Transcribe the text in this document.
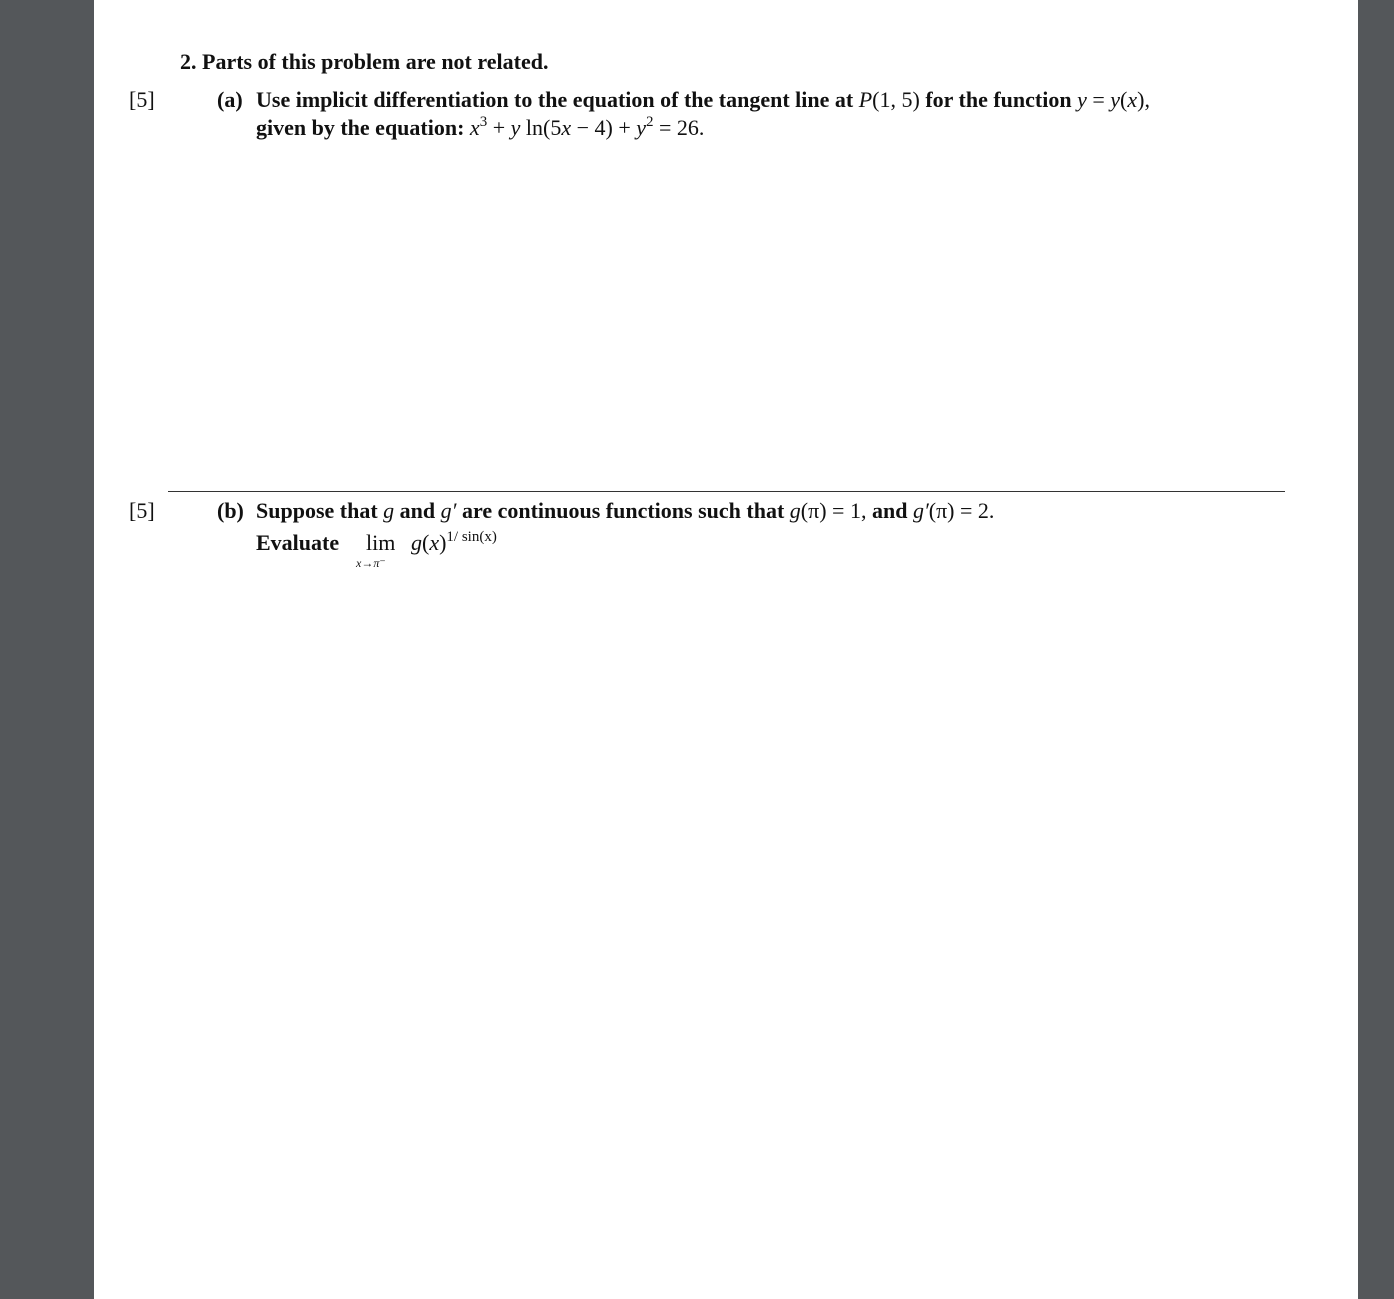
2. Parts of this problem are not related.
[5]	(a) Use implicit differentiation to the equation of the tangent line at P(1, 5) for the function y = y(x),
given by the equation: $x^3 + y$ $\ln(5x - 4) + y^2 = 26$.
[5]	(b) Suppose that g and g′ are continuous functions such that g(π) = 1, and g′(π) = 2.
Evaluate lim
x→π⁻
$g(x)^{1/ sin(x)}$
